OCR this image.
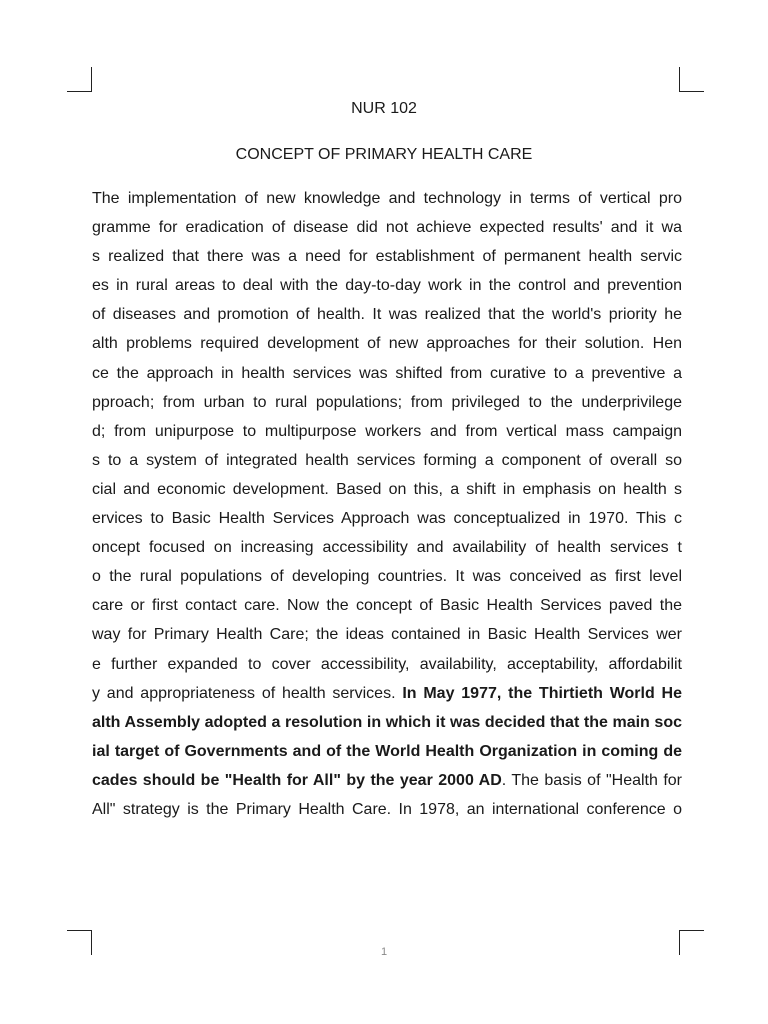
NUR 102
CONCEPT OF PRIMARY HEALTH CARE
The implementation of new knowledge and technology in terms of vertical pro
gramme for eradication of disease did not achieve expected results' and it wa
s realized that there was a need for establishment of permanent health servic
es in rural areas to deal with the day-to-day work in the control and prevention
of diseases and promotion of health. It was realized that the world's priority he
alth problems required development of new approaches for their solution. Hen
ce the approach in health services was shifted from curative to a preventive a
pproach; from urban to rural populations; from privileged to the underprivilege
d; from unipurpose to multipurpose workers and from vertical mass campaign
s to a system of integrated health services forming a component of overall so
cial and economic development. Based on this, a shift in emphasis on health s
ervices to Basic Health Services Approach was conceptualized in 1970. This c
oncept focused on increasing accessibility and availability of health services t
o the rural populations of developing countries. It was conceived as first level
care or first contact care. Now the concept of Basic Health Services paved the
way for Primary Health Care; the ideas contained in Basic Health Services wer
e further expanded to cover accessibility, availability, acceptability, affordabilit
y and appropriateness of health services. In May 1977, the Thirtieth World He
alth Assembly adopted a resolution in which it was decided that the main soc
ial target of Governments and of the World Health Organization in coming de
cades should be "Health for All" by the year 2000 AD. The basis of "Health for
All" strategy is the Primary Health Care. In 1978, an international conference o
1
